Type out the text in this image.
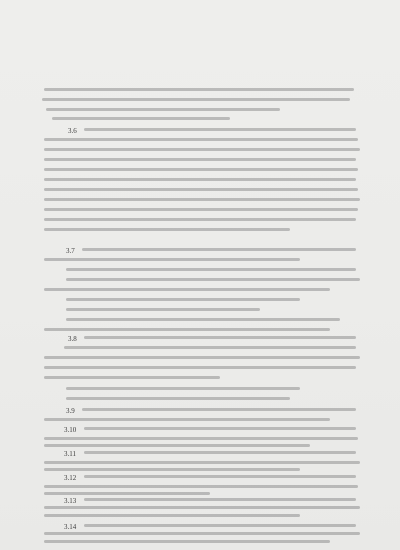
3.6
3.7
3.8
3.9
3.10
3.11
3.12
3.13
3.14
